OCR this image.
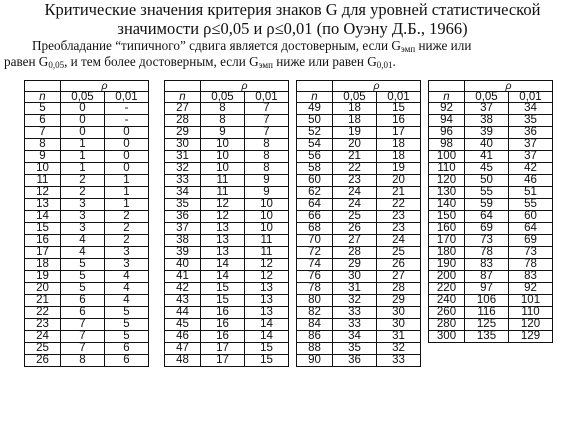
Критические значения критерия знаков G для уровней статистической
значимости ρ≤0,05 и ρ≤0,01 (по Оуэну Д.Б., 1966)
Преобладание “типичного” сдвига является достоверным, если $G_{эмп}$ ниже или
равен $G_{0,05}$, и тем более достоверным, если $G_{эмп}$ ниже или равен $G_{0,01}$.
	ρ	
n	0,05	0,01
5	0	-
6	0	-
7	0	0
8	1	0
9	1	0
10	1	0
11	2	1
12	2	1
13	3	1
14	3	2
15	3	2
16	4	2
17	4	3
18	5	3
19	5	4
20	5	4
21	6	4
22	6	5
23	7	5
24	7	5
25	7	6
26	8	6
	ρ	
n	0,05	0,01
27	8	7
28	8	7
29	9	7
30	10	8
31	10	8
32	10	8
33	11	9
34	11	9
35	12	10
36	12	10
37	13	10
38	13	11
39	13	11
40	14	12
41	14	12
42	15	13
43	15	13
44	16	13
45	16	14
46	16	14
47	17	15
48	17	15
	ρ	
n	0,05	0,01
49	18	15
50	18	16
52	19	17
54	20	18
56	21	18
58	22	19
60	23	20
62	24	21
64	24	22
66	25	23
68	26	23
70	27	24
72	28	25
74	29	26
76	30	27
78	31	28
80	32	29
82	33	30
84	33	30
86	34	31
88	35	32
90	36	33
	ρ	
n	0,05	0,01
92	37	34
94	38	35
96	39	36
98	40	37
100	41	37
110	45	42
120	50	46
130	55	51
140	59	55
150	64	60
160	69	64
170	73	69
180	78	73
190	83	78
200	87	83
220	97	92
240	106	101
260	116	110
280	125	120
300	135	129
